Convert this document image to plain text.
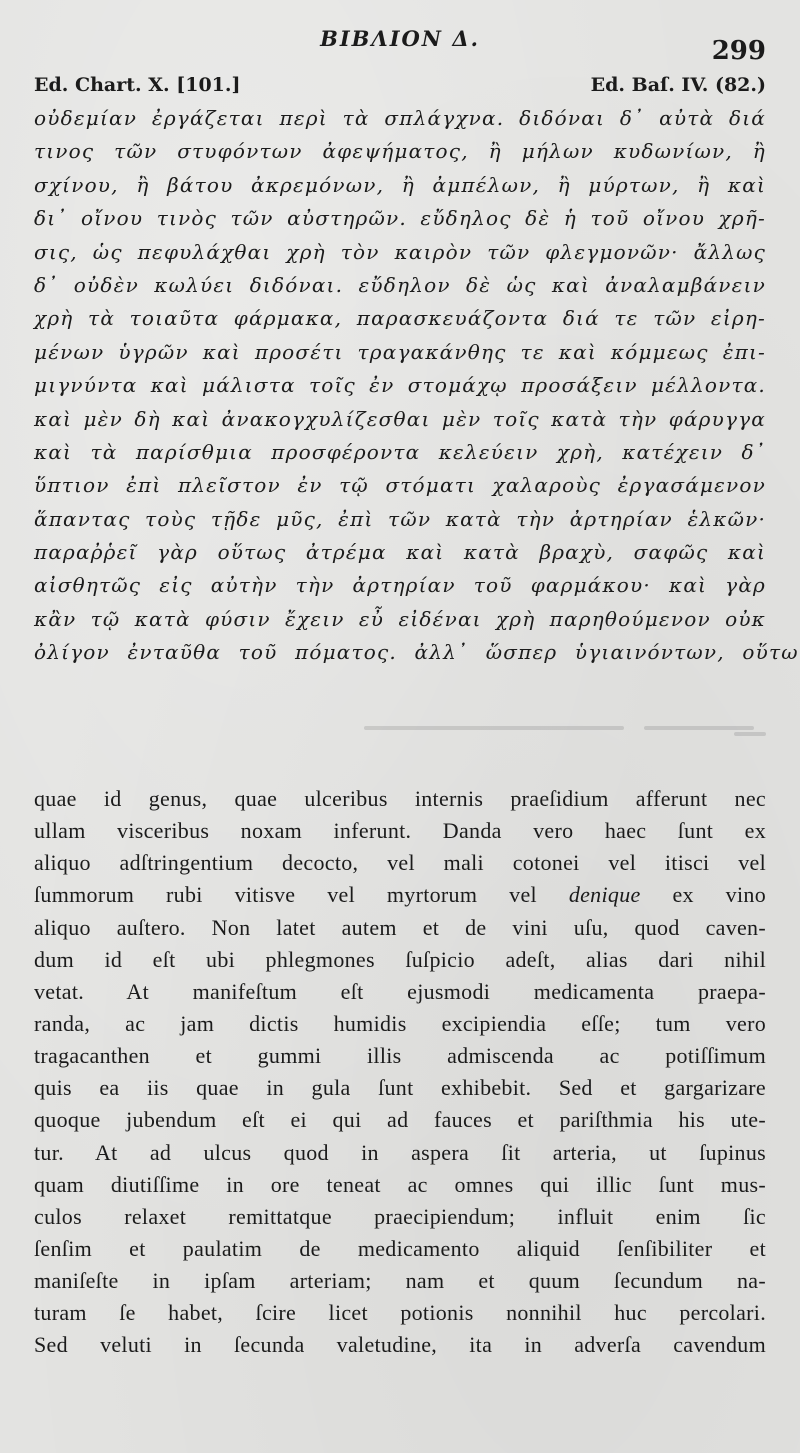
ΒΙΒΛΙΟΝ Δ.	299
Ed. Chart. X. [101.]	Ed. Baſ. IV. (82.)
οὐδεμίαν ἐργάζεται περὶ τὰ σπλάγχνα. διδόναι δ᾽ αὐτὰ διά
τινος τῶν στυφόντων ἀφεψήματος, ἢ μήλων κυδωνίων, ἢ
σχίνου, ἢ βάτου ἀκρεμόνων, ἢ ἀμπέλων, ἢ μύρτων, ἢ καὶ
δι᾽ οἴνου τινὸς τῶν αὐστηρῶν. εὔδηλος δὲ ἡ τοῦ οἴνου χρῆ-
σις, ὡς πεφυλάχθαι χρὴ τὸν καιρὸν τῶν φλεγμονῶν· ἄλλως
δ᾽ οὐδὲν κωλύει διδόναι. εὔδηλον δὲ ὡς καὶ ἀναλαμβάνειν
χρὴ τὰ τοιαῦτα φάρμακα, παρασκευάζοντα διά τε τῶν εἰρη-
μένων ὑγρῶν καὶ προσέτι τραγακάνθης τε καὶ κόμμεως ἐπι-
μιγνύντα καὶ μάλιστα τοῖς ἐν στομάχῳ προσάξειν μέλλοντα.
καὶ μὲν δὴ καὶ ἀνακογχυλίζεσθαι μὲν τοῖς κατὰ τὴν φάρυγγα
καὶ τὰ παρίσθμια προσφέροντα κελεύειν χρὴ, κατέχειν δ᾽
ὕπτιον ἐπὶ πλεῖστον ἐν τῷ στόματι χαλαροὺς ἐργασάμενον
ἅπαντας τοὺς τῇδε μῦς, ἐπὶ τῶν κατὰ τὴν ἀρτηρίαν ἑλκῶν·
παραῤῥεῖ γὰρ οὕτως ἀτρέμα καὶ κατὰ βραχὺ, σαφῶς καὶ
αἰσθητῶς εἰς αὐτὴν τὴν ἀρτηρίαν τοῦ φαρμάκου· καὶ γὰρ
κἂν τῷ κατὰ φύσιν ἔχειν εὖ εἰδέναι χρὴ παρηθούμενον οὐκ
ὀλίγον ἐνταῦθα τοῦ πόματος. ἀλλ᾽ ὥσπερ ὑγιαινόντων, οὕτω
quae id genus, quae ulceribus internis praeſidium afferunt nec
ullam visceribus noxam inferunt. Danda vero haec ſunt ex
aliquo adſtringentium decocto, vel mali cotonei vel itisci vel
ſummorum rubi vitisve vel myrtorum vel denique ex vino
aliquo auſtero. Non latet autem et de vini uſu, quod caven-
dum id eſt ubi phlegmones ſuſpicio adeſt, alias dari nihil
vetat. At manifeſtum eſt ejusmodi medicamenta praepa-
randa, ac jam dictis humidis excipiendia eſſe; tum vero
tragacanthen et gummi illis admiscenda ac potiſſimum
quis ea iis quae in gula ſunt exhibebit. Sed et gargarizare
quoque jubendum eſt ei qui ad fauces et pariſthmia his ute-
tur. At ad ulcus quod in aspera ſit arteria, ut ſupinus
quam diutiſſime in ore teneat ac omnes qui illic ſunt mus-
culos relaxet remittatque praecipiendum; influit enim ſic
ſenſim et paulatim de medicamento aliquid ſenſibiliter et
maniſeſte in ipſam arteriam; nam et quum ſecundum na-
turam ſe habet, ſcire licet potionis nonnihil huc percolari.
Sed veluti in ſecunda valetudine, ita in adverſa cavendum
